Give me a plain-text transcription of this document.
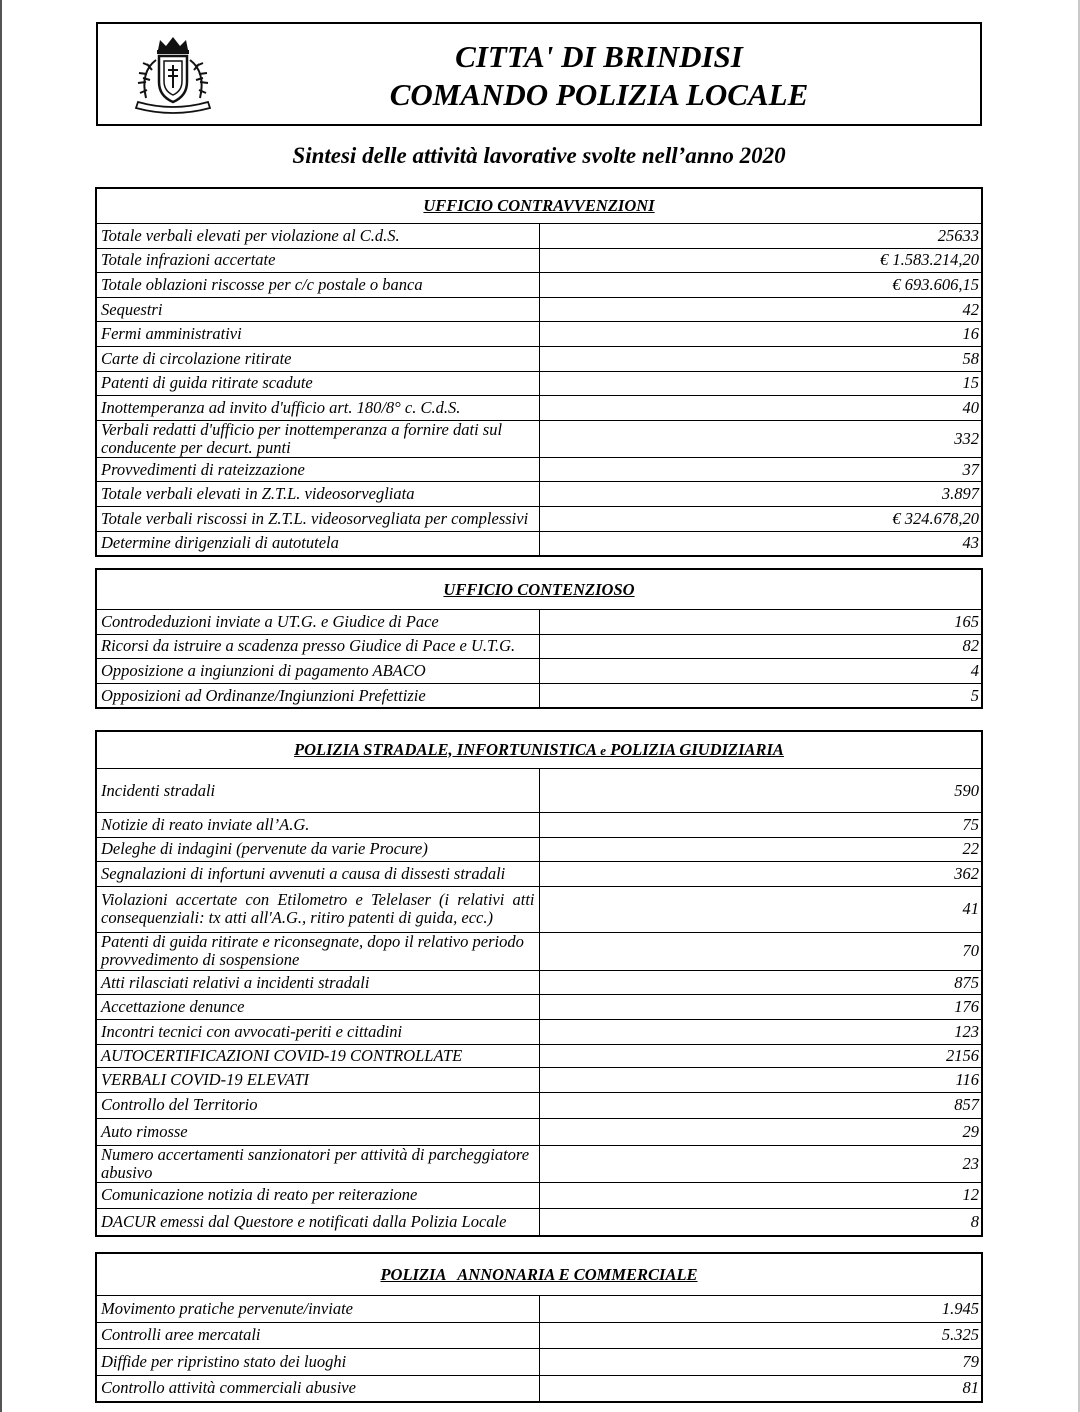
CITTA' DI BRINDISI
COMANDO POLIZIA LOCALE
Sintesi delle attività lavorative svolte nell’anno 2020
UFFICIO CONTRAVVENZIONI	
Totale verbali elevati per violazione al C.d.S.	25633
Totale infrazioni accertate	€ 1.583.214,20
Totale oblazioni riscosse per c/c postale o banca	€ 693.606,15
Sequestri	42
Fermi amministrativi	16
Carte di circolazione ritirate	58
Patenti di guida ritirate scadute	15
Inottemperanza ad invito d'ufficio art. 180/8° c. C.d.S.	40
Verbali redatti d'ufficio per inottemperanza a fornire dati sul conducente per decurt. punti	332
Provvedimenti di rateizzazione	37
Totale verbali elevati in Z.T.L. videosorvegliata	3.897
Totale verbali riscossi in Z.T.L. videosorvegliata per complessivi	€ 324.678,20
Determine dirigenziali di autotutela	43
UFFICIO CONTENZIOSO	
Controdeduzioni inviate a UT.G. e Giudice di Pace	165
Ricorsi da istruire a scadenza presso Giudice di Pace e U.T.G.	82
Opposizione a ingiunzioni di pagamento ABACO	4
Opposizioni ad Ordinanze/Ingiunzioni Prefettizie	5
POLIZIA STRADALE, INFORTUNISTICA e POLIZIA GIUDIZIARIA	
Incidenti stradali	590
Notizie di reato inviate all’A.G.	75
Deleghe di indagini (pervenute da varie Procure)	22
Segnalazioni di infortuni avvenuti a causa di dissesti stradali	362
Violazioni accertate con Etilometro e Telelaser (i relativi atti consequenziali: tx atti all'A.G., ritiro patenti di guida, ecc.)	41
Patenti di guida ritirate e riconsegnate, dopo il relativo periodo provvedimento di sospensione	70
Atti rilasciati relativi a incidenti stradali	875
Accettazione denunce	176
Incontri tecnici con avvocati-periti e cittadini	123
AUTOCERTIFICAZIONI COVID-19 CONTROLLATE	2156
VERBALI COVID-19 ELEVATI	116
Controllo del Territorio	857
Auto rimosse	29
Numero accertamenti sanzionatori per attività di parcheggiatore abusivo	23
Comunicazione notizia di reato per reiterazione	12
DACUR emessi dal Questore e notificati dalla Polizia Locale	8
POLIZIA   ANNONARIA E COMMERCIALE	
Movimento pratiche pervenute/inviate	1.945
Controlli aree mercatali	5.325
Diffide per ripristino stato dei luoghi	79
Controllo attività commerciali abusive	81
